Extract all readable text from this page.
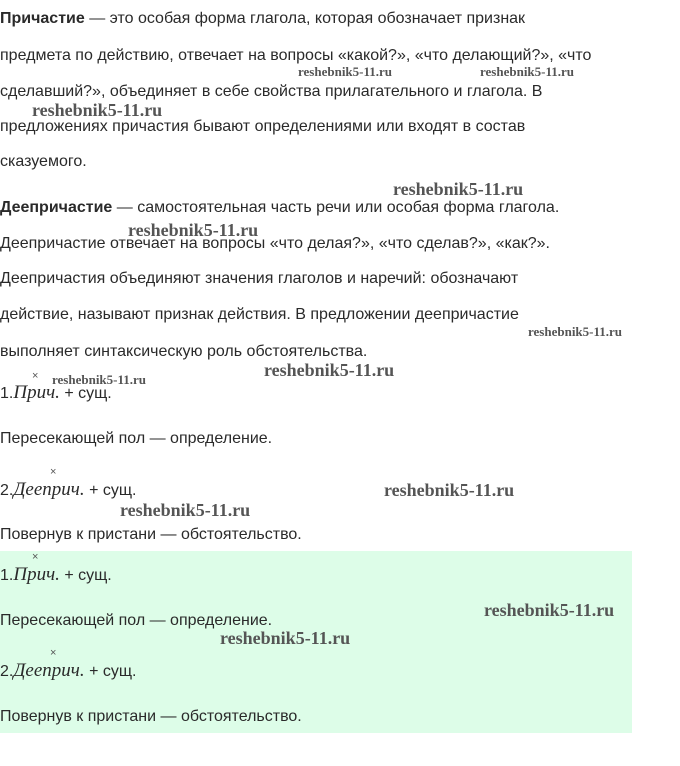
Причастие — это особая форма глагола, которая обозначает признак
предмета по действию, отвечает на вопросы «какой?», «что делающий?», «что
сделавший?», объединяет в себе свойства прилагательного и глагола. В
предложениях причастия бывают определениями или входят в состав
сказуемого.
Деепричастие — самостоятельная часть речи или особая форма глагола.
Деепричастие отвечает на вопросы «что делая?», «что сделав?», «как?».
Деепричастия объединяют значения глаголов и наречий: обозначают
действие, называют признак действия. В предложении деепричастие
выполняет синтаксическую роль обстоятельства.
×
1.Прич. + сущ.
Пересекающей пол — определение.
×
2.Дееприч. + сущ.
Повернув к пристани — обстоятельство.
×
1.Прич. + сущ.
Пересекающей пол — определение.
×
2.Дееприч. + сущ.
Повернув к пристани — обстоятельство.
reshebnik5-11.ru	reshebnik5-11.ru
reshebnik5-11.ru
reshebnik5-11.ru
reshebnik5-11.ru
reshebnik5-11.ru
reshebnik5-11.ru
reshebnik5-11.ru
reshebnik5-11.ru
reshebnik5-11.ru
reshebnik5-11.ru
reshebnik5-11.ru
